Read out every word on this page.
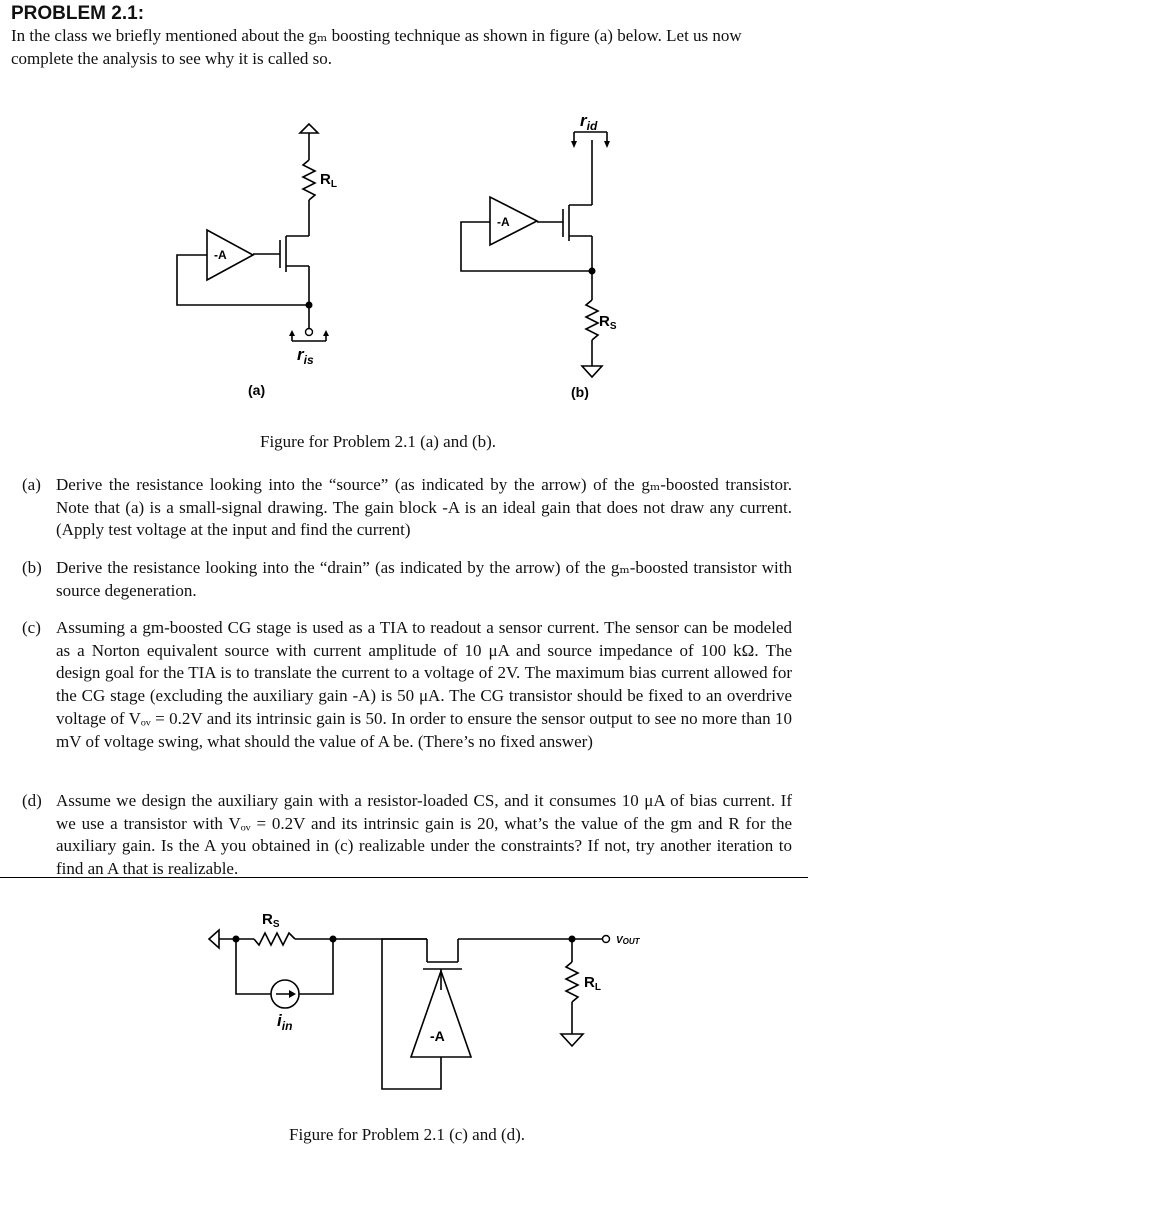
PROBLEM 2.1:
In the class we briefly mentioned about the gₘ boosting technique as shown in figure (a) below. Let us now complete the analysis to see why it is called so.
-A
$R_L$
$r_{is}$
(a)
$r_{id}$
-A
$R_S$
(b)
Figure for Problem 2.1 (a) and (b).
(a) Derive the resistance looking into the “source” (as indicated by the arrow) of the gₘ-boosted transistor. Note that (a) is a small-signal drawing. The gain block -A is an ideal gain that does not draw any current. (Apply test voltage at the input and find the current)
(b) Derive the resistance looking into the “drain” (as indicated by the arrow) of the gₘ-boosted transistor with source degeneration.
(c) Assuming a gm-boosted CG stage is used as a TIA to readout a sensor current. The sensor can be modeled as a Norton equivalent source with current amplitude of 10 μA and source impedance of 100 kΩ. The design goal for the TIA is to translate the current to a voltage of 2V. The maximum bias current allowed for the CG stage (excluding the auxiliary gain -A) is 50 μA. The CG transistor should be fixed to an overdrive voltage of Vₒᵥ = 0.2V and its intrinsic gain is 50. In order to ensure the sensor output to see no more than 10 mV of voltage swing, what should the value of A be. (There’s no fixed answer)
(d) Assume we design the auxiliary gain with a resistor-loaded CS, and it consumes 10 μA of bias current. If we use a transistor with Vₒᵥ = 0.2V and its intrinsic gain is 20, what’s the value of the gm and R for the auxiliary gain. Is the A you obtained in (c) realizable under the constraints? If not, try another iteration to find an A that is realizable.
$R_S$
$i_{in}$
VOUT
-A
$R_L$
Figure for Problem 2.1 (c) and (d).
